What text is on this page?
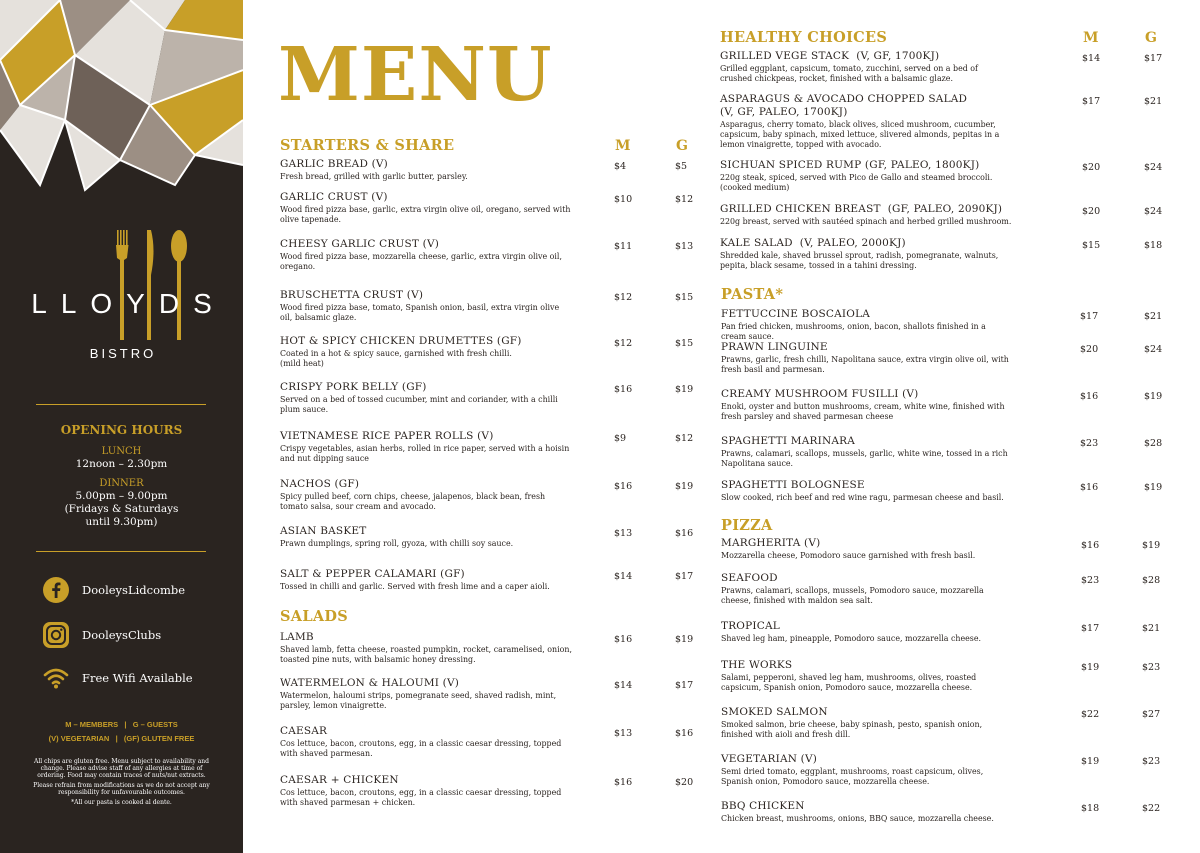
LLOYDS
BISTRO
OPENING HOURS
LUNCH
12noon – 2.30pm
DINNER
5.00pm – 9.00pm
(Fridays & Saturdays
until 9.30pm)
DooleysLidcombe
DooleysClubs
Free Wifi Available
M – MEMBERS   |   G – GUESTS
(V) VEGETARIAN   |   (GF) GLUTEN FREE
All chips are gluten free. Menu subject to availability and change. Please advise staff of any allergies at time of ordering. Food may contain traces of nuts/nut extracts.
Please refrain from modifications as we do not accept any responsibility for unfavourable outcomes.
*All our pasta is cooked al dente.
MENU
STARTERS & SHARE	M	G
GARLIC BREAD (V)
Fresh bread, grilled with garlic butter, parsley.
$4	$5
GARLIC CRUST (V)
Wood fired pizza base, garlic, extra virgin olive oil, oregano, served with olive tapenade.
$10	$12
CHEESY GARLIC CRUST (V)
Wood fired pizza base, mozzarella cheese, garlic, extra virgin olive oil, oregano.
$11	$13
BRUSCHETTA CRUST (V)
Wood fired pizza base, tomato, Spanish onion, basil, extra virgin olive oil, balsamic glaze.
$12	$15
HOT & SPICY CHICKEN DRUMETTES (GF)
Coated in a hot & spicy sauce, garnished with fresh chilli.
(mild heat)
$12	$15
CRISPY PORK BELLY (GF)
Served on a bed of tossed cucumber, mint and coriander, with a chilli plum sauce.
$16	$19
VIETNAMESE RICE PAPER ROLLS (V)
Crispy vegetables, asian herbs, rolled in rice paper, served with a hoisin and nut dipping sauce
$9	$12
NACHOS (GF)
Spicy pulled beef, corn chips, cheese, jalapenos, black bean, fresh tomato salsa, sour cream and avocado.
$16	$19
ASIAN BASKET
Prawn dumplings, spring roll, gyoza, with chilli soy sauce.
$13	$16
SALT & PEPPER CALAMARI (GF)
Tossed in chilli and garlic. Served with fresh lime and a caper aioli.
$14	$17
SALADS
LAMB
Shaved lamb, fetta cheese, roasted pumpkin, rocket, caramelised, onion, toasted pine nuts, with balsamic honey dressing.
$16	$19
WATERMELON & HALOUMI (V)
Watermelon, haloumi strips, pomegranate seed, shaved radish, mint, parsley, lemon vinaigrette.
$14	$17
CAESAR
Cos lettuce, bacon, croutons, egg, in a classic caesar dressing, topped with shaved parmesan.
$13	$16
CAESAR + CHICKEN
Cos lettuce, bacon, croutons, egg, in a classic caesar dressing, topped with shaved parmesan + chicken.
$16	$20
HEALTHY CHOICES	M	G
GRILLED VEGE STACK  (V, GF, 1700KJ)
Grilled eggplant, capsicum, tomato, zucchini, served on a bed of crushed chickpeas, rocket, finished with a balsamic glaze.
$14	$17
ASPARAGUS & AVOCADO CHOPPED SALAD
(V, GF, PALEO, 1700KJ)
Asparagus, cherry tomato, black olives, sliced mushroom, cucumber, capsicum, baby spinach, mixed lettuce, slivered almonds, pepitas in a lemon vinaigrette, topped with avocado.
$17	$21
SICHUAN SPICED RUMP (GF, PALEO, 1800KJ)
220g steak, spiced, served with Pico de Gallo and steamed broccoli.
(cooked medium)
$20	$24
GRILLED CHICKEN BREAST  (GF, PALEO, 2090KJ)
220g breast, served with sautéed spinach and herbed grilled mushroom.
$20	$24
KALE SALAD  (V, PALEO, 2000KJ)
Shredded kale, shaved brussel sprout, radish, pomegranate, walnuts, pepita, black sesame, tossed in a tahini dressing.
$15	$18
PASTA*
FETTUCCINE BOSCAIOLA
Pan fried chicken, mushrooms, onion, bacon, shallots finished in a cream sauce.
$17	$21
PRAWN LINGUINE
Prawns, garlic, fresh chilli, Napolitana sauce, extra virgin olive oil, with fresh basil and parmesan.
$20	$24
CREAMY MUSHROOM FUSILLI (V)
Enoki, oyster and button mushrooms, cream, white wine, finished with fresh parsley and shaved parmesan cheese
$16	$19
SPAGHETTI MARINARA
Prawns, calamari, scallops, mussels, garlic, white wine, tossed in a rich Napolitana sauce.
$23	$28
SPAGHETTI BOLOGNESE
Slow cooked, rich beef and red wine ragu, parmesan cheese and basil.
$16	$19
PIZZA
MARGHERITA (V)
Mozzarella cheese, Pomodoro sauce garnished with fresh basil.
$16	$19
SEAFOOD
Prawns, calamari, scallops, mussels, Pomodoro sauce, mozzarella cheese, finished with maldon sea salt.
$23	$28
TROPICAL
Shaved leg ham, pineapple, Pomodoro sauce, mozzarella cheese.
$17	$21
THE WORKS
Salami, pepperoni, shaved leg ham, mushrooms, olives, roasted capsicum, Spanish onion, Pomodoro sauce, mozzarella cheese.
$19	$23
SMOKED SALMON
Smoked salmon, brie cheese, baby spinash, pesto, spanish onion, finished with aioli and fresh dill.
$22	$27
VEGETARIAN (V)
Semi dried tomato, eggplant, mushrooms, roast capsicum, olives, Spanish onion, Pomodoro sauce, mozzarella cheese.
$19	$23
BBQ CHICKEN
Chicken breast, mushrooms, onions, BBQ sauce, mozzarella cheese.
$18	$22
